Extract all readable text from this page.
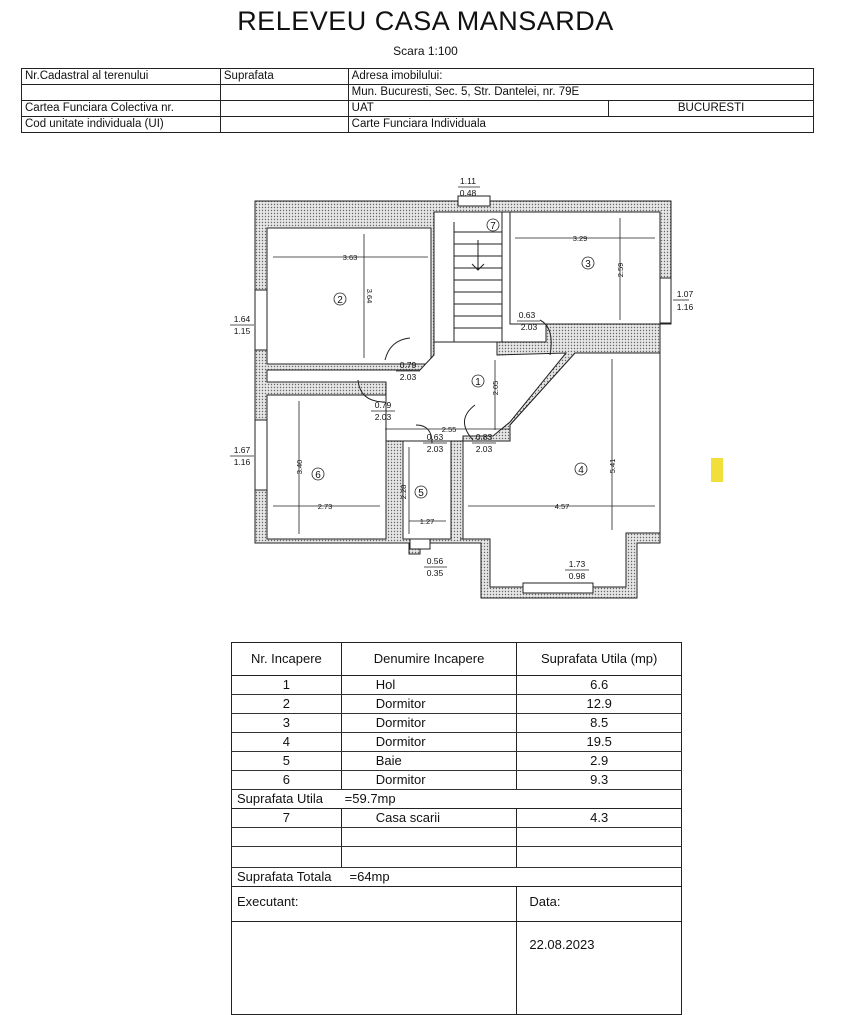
RELEVEU CASA MANSARDA
Scara 1:100
Nr.Cadastral al terenului	Suprafata	Adresa imobilului:	
		Mun. Bucuresti, Sec. 5, Str. Dantelei, nr. 79E	
Cartea Funciara Colectiva nr.		UAT	BUCURESTI
Cod unitate individuala (UI)		Carte Funciara Individuala	
2
3
1
4
5
6
7
3.63
3.64
3.29
2.59
2.05
2.55
3.40
2.73
2.28
1.27
4.57
5.41
1.11
0.48
1.64
1.15
1.67
1.16
1.07
1.16
0.63
2.03
0.79
2.03
0.79
2.03
0.63
2.03
0.83
2.03
0.56
0.35
1.73
0.98
Nr. Incapere	Denumire Incapere	Suprafata Utila (mp)
1	Hol	6.6
2	Dormitor	12.9
3	Dormitor	8.5
4	Dormitor	19.5
5	Baie	2.9
6	Dormitor	9.3
Suprafata Utila      =59.7mp		
7	Casa scarii	4.3

Suprafata Totala     =64mp		
Executant:		Data:
		22.08.2023
